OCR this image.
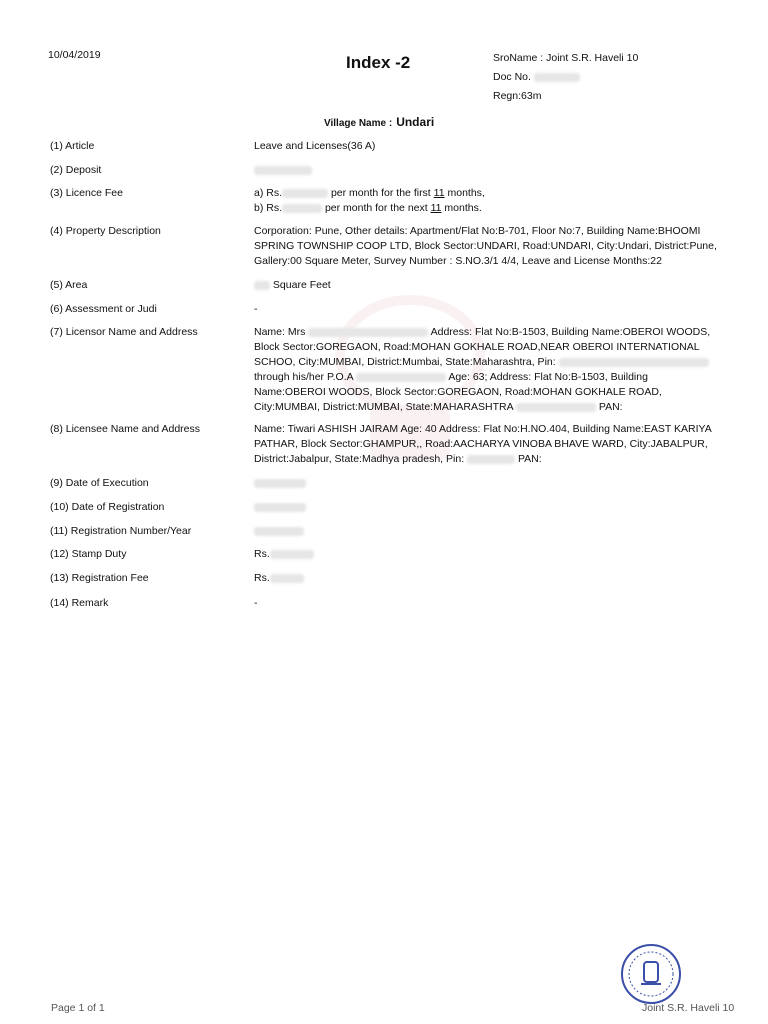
10/04/2019	Index -2	SroName : Joint S.R. Haveli 10
Doc No.
Regn:63m
Village Name : Undari
(1) Article	Leave and Licenses(36 A)
(2) Deposit
(3) Licence Fee	a) Rs.	per month for the first 11 months,
b) Rs.	per month for the next 11 months.
(4) Property Description	Corporation: Pune, Other details: Apartment/Flat No:B-701, Floor No:7, Building Name:BHOOMI SPRING TOWNSHIP COOP LTD, Block Sector:UNDARI, Road:UNDARI, City:Undari, District:Pune, Gallery:00 Square Meter, Survey Number : S.NO.3/1 4/4, Leave and License Months:22
(5) Area	Square Feet
(6) Assessment or Judi	-
(7) Licensor Name and Address	Name: Mrs	Address: Flat No:B-1503, Building Name:OBEROI WOODS, Block Sector:GOREGAON, Road:MOHAN GOKHALE ROAD,NEAR OBEROI INTERNATIONAL SCHOO, City:MUMBAI, District:Mumbai, State:Maharashtra, Pin:  through his/her P.O.A	Age: 63; Address: Flat No:B-1503, Building Name:OBEROI WOODS, Block Sector:GOREGAON, Road:MOHAN GOKHALE ROAD, City:MUMBAI, District:MUMBAI, State:MAHARASHTRA	PAN:
(8) Licensee Name and Address	Name: Tiwari ASHISH JAIRAM Age: 40 Address: Flat No:H.NO.404, Building Name:EAST KARIYA PATHAR, Block Sector:GHAMPUR,, Road:AACHARYA VINOBA BHAVE WARD, City:JABALPUR, District:Jabalpur, State:Madhya pradesh, Pin:	PAN:
(9) Date of Execution
(10) Date of Registration
(11) Registration Number/Year
(12) Stamp Duty	Rs.
(13) Registration Fee	Rs.
(14) Remark	-
Page 1 of 1	Joint S.R. Haveli 10
